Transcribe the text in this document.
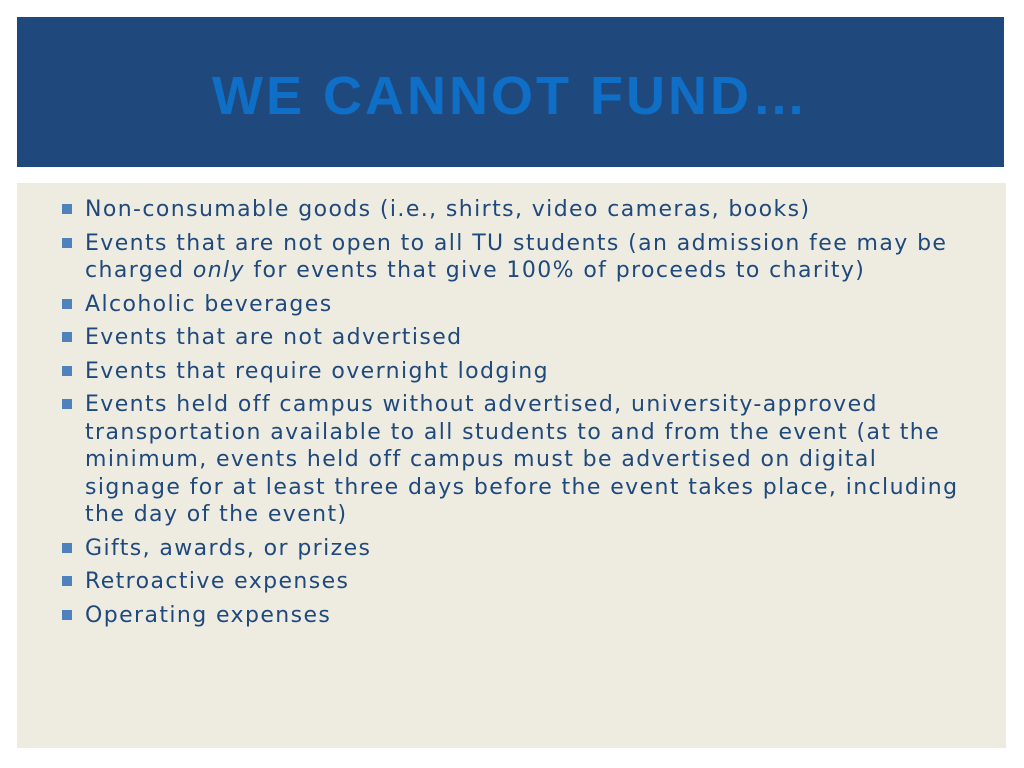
WE CANNOT FUND…
Non-consumable goods (i.e., shirts, video cameras, books)
Events that are not open to all TU students (an admission fee may be charged only for events that give 100% of proceeds to charity)
Alcoholic beverages
Events that are not advertised
Events that require overnight lodging
Events held off campus without advertised, university-approved transportation available to all students to and from the event (at the minimum, events held off campus must be advertised on digital signage for at least three days before the event takes place, including the day of the event)
Gifts, awards, or prizes
Retroactive expenses
Operating expenses
